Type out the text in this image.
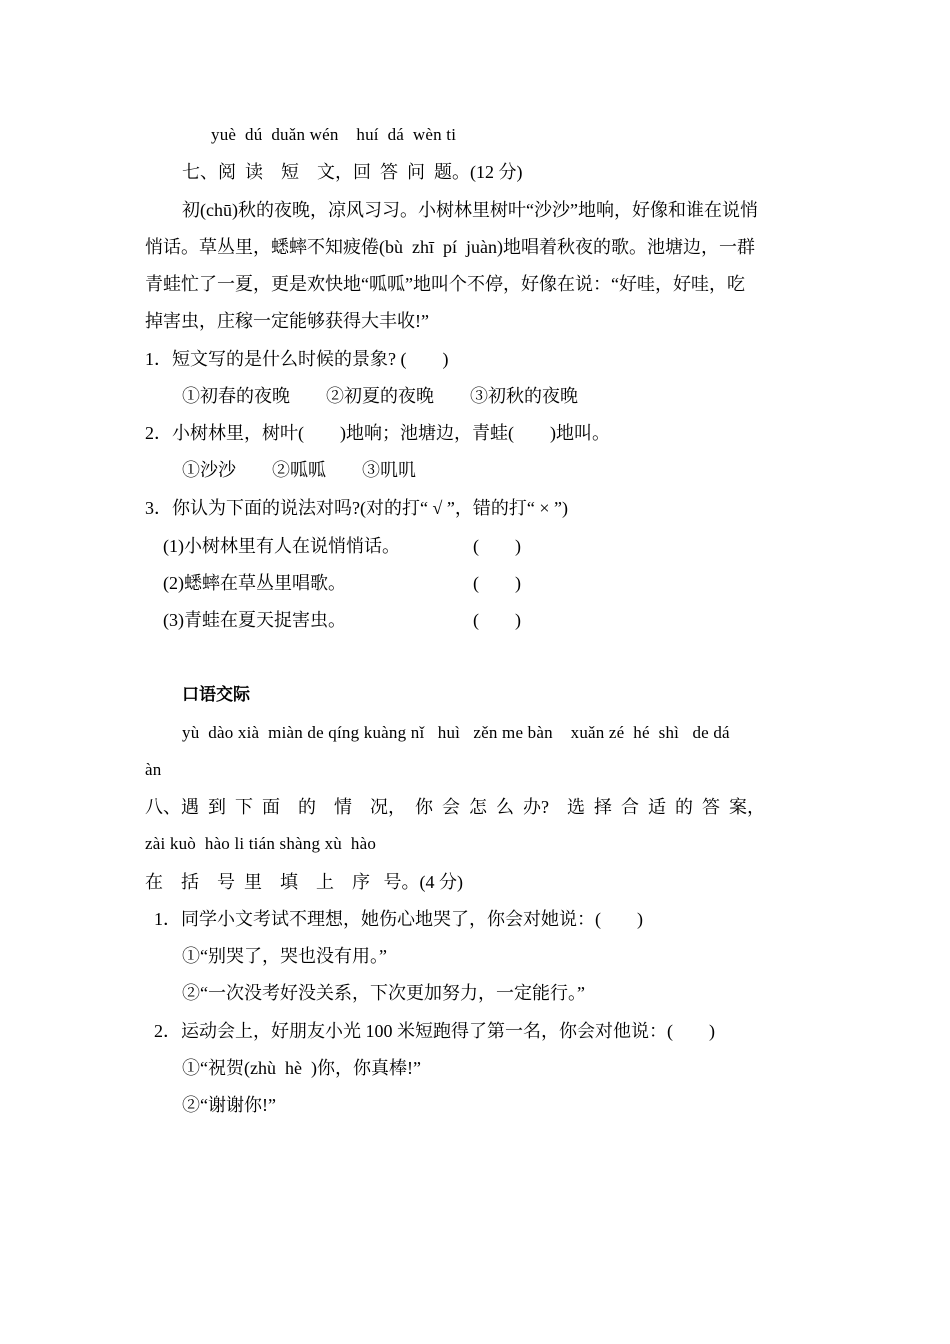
yuè  dú  duǎn wén    huí  dá  wèn ti
七、阅  读    短    文，回  答  问  题。(12 分)
初(chū)秋的夜晚，凉风习习。小树林里树叶“沙沙”地响，好像和谁在说悄
悄话。草丛里，蟋蟀不知疲倦(bù  zhī  pí  juàn)地唱着秋夜的歌。池塘边，一群
青蛙忙了一夏，更是欢快地“呱呱”地叫个不停，好像在说：“好哇，好哇，吃
掉害虫，庄稼一定能够获得大丰收!”
1．短文写的是什么时候的景象? (        )
①初春的夜晚        ②初夏的夜晚        ③初秋的夜晚
2．小树林里，树叶(        )地响；池塘边，青蛙(        )地叫。
①沙沙        ②呱呱        ③叽叽
3．你认为下面的说法对吗?(对的打“ √ ”，错的打“ × ”)
(1)小树林里有人在说悄悄话。	(        )
(2)蟋蟀在草丛里唱歌。	(        )
(3)青蛙在夏天捉害虫。	(        )
口语交际
yù  dào xià  miàn de qíng kuàng nǐ   huì   zěn me bàn    xuǎn zé  hé  shì   de dá
àn
八、遇  到  下  面    的    情    况，  你  会  怎  么  办?    选  择  合  适  的  答  案，
zài kuò  hào li tián shàng xù  hào
在    括    号  里    填    上    序   号。(4 分)
1．同学小文考试不理想，她伤心地哭了，你会对她说：(        )
①“别哭了，哭也没有用。”
②“一次没考好没关系，下次更加努力，一定能行。”
2．运动会上，好朋友小光 100 米短跑得了第一名，你会对他说：(        )
①“祝贺(zhù  hè  )你，你真棒!”
②“谢谢你!”
